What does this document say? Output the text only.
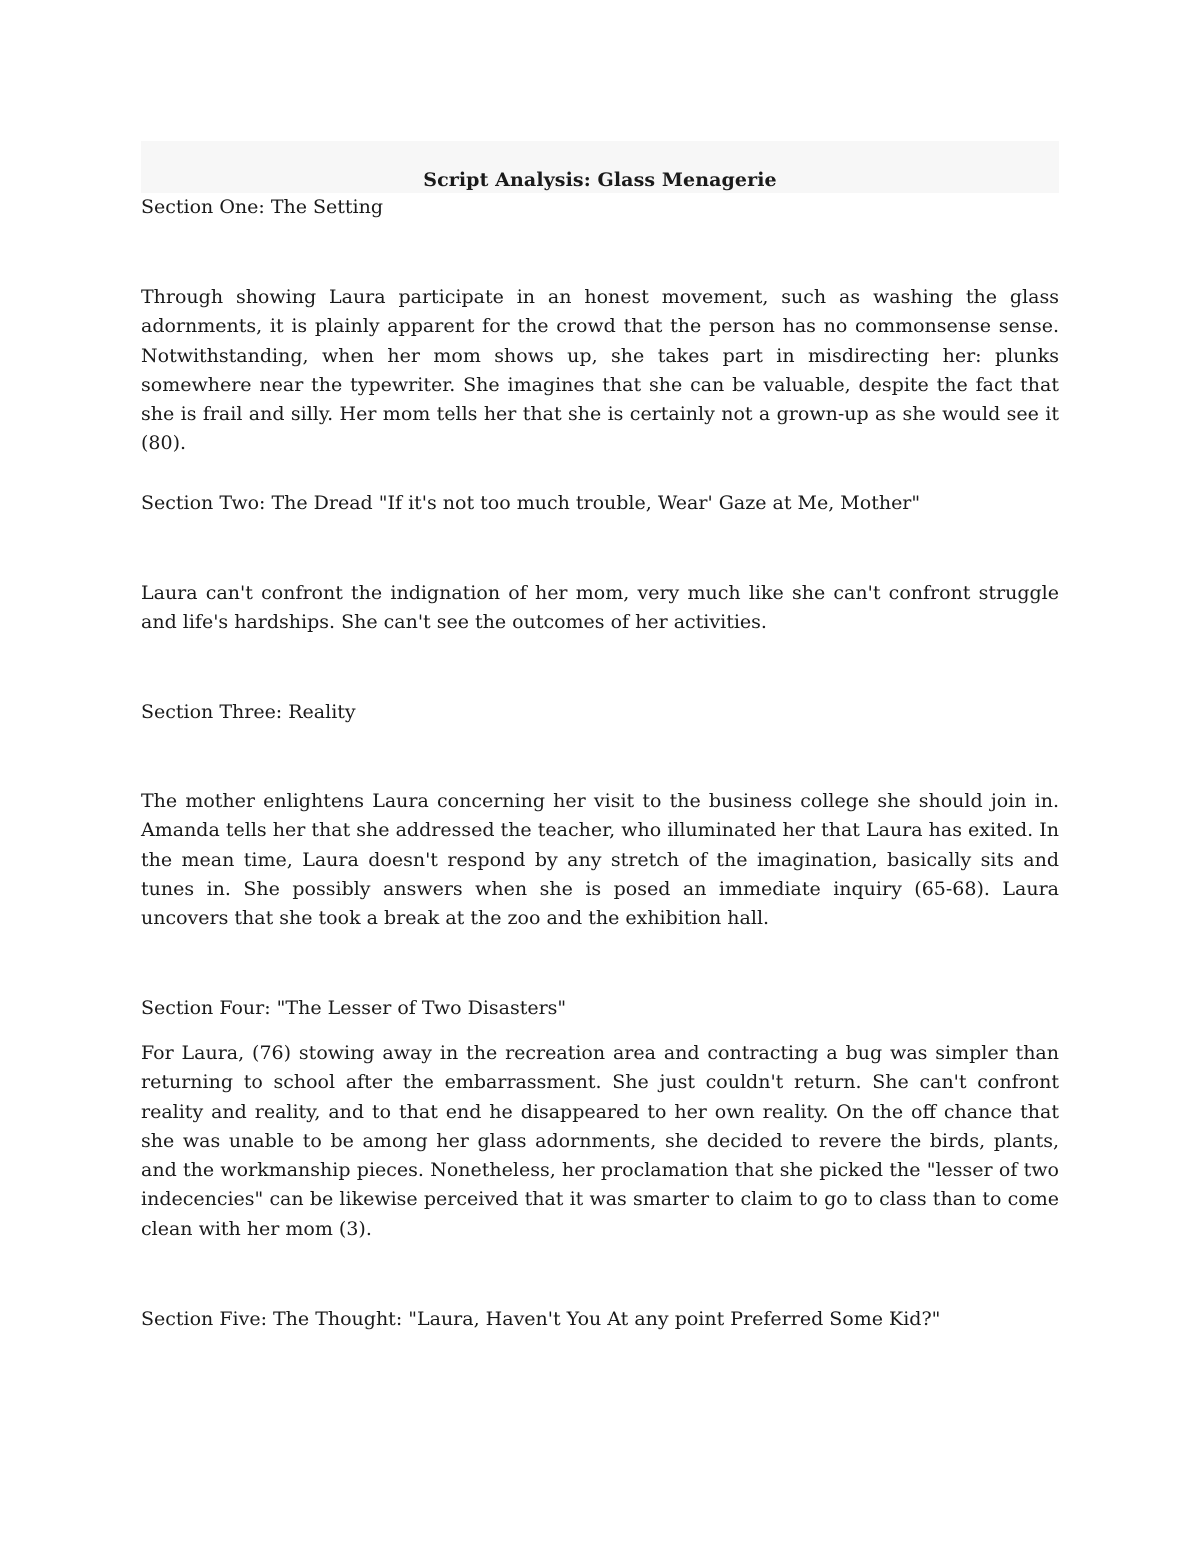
Script Analysis: Glass Menagerie

Section One: The Setting

Through showing Laura participate in an honest movement, such as washing the glass adornments, it is plainly apparent for the crowd that the person has no commonsense sense. Notwithstanding, when her mom shows up, she takes part in misdirecting her: plunks somewhere near the typewriter. She imagines that she can be valuable, despite the fact that she is frail and silly. Her mom tells her that she is certainly not a grown-up as she would see it (80).

Section Two: The Dread "If it's not too much trouble, Wear' Gaze at Me, Mother"

Laura can't confront the indignation of her mom, very much like she can't confront struggle and life's hardships. She can't see the outcomes of her activities.

Section Three: Reality

The mother enlightens Laura concerning her visit to the business college she should join in. Amanda tells her that she addressed the teacher, who illuminated her that Laura has exited. In the mean time, Laura doesn't respond by any stretch of the imagination, basically sits and tunes in. She possibly answers when she is posed an immediate inquiry (65-68). Laura uncovers that she took a break at the zoo and the exhibition hall.

Section Four: "The Lesser of Two Disasters"

For Laura, (76) stowing away in the recreation area and contracting a bug was simpler than returning to school after the embarrassment. She just couldn't return. She can't confront reality and reality, and to that end he disappeared to her own reality. On the off chance that she was unable to be among her glass adornments, she decided to revere the birds, plants, and the workmanship pieces. Nonetheless, her proclamation that she picked the "lesser of two indecencies" can be likewise perceived that it was smarter to claim to go to class than to come clean with her mom (3).

Section Five: The Thought: "Laura, Haven't You At any point Preferred Some Kid?"
